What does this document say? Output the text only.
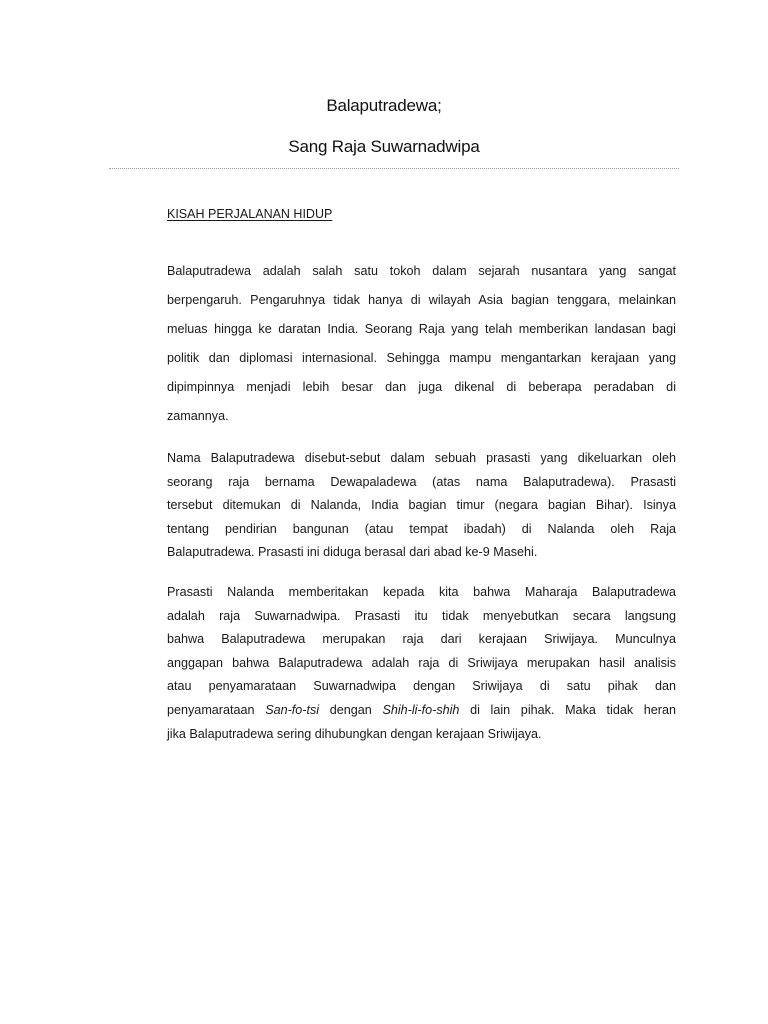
Balaputradewa;
Sang Raja Suwarnadwipa
KISAH PERJALANAN HIDUP

Balaputradewa adalah salah satu tokoh dalam sejarah nusantara yang sangat
berpengaruh. Pengaruhnya tidak hanya di wilayah Asia bagian tenggara, melainkan
meluas hingga ke daratan India. Seorang Raja yang telah memberikan landasan bagi
politik dan diplomasi internasional. Sehingga mampu mengantarkan kerajaan yang
dipimpinnya menjadi lebih besar dan juga dikenal di beberapa peradaban di
zamannya.

Nama Balaputradewa disebut-sebut dalam sebuah prasasti yang dikeluarkan oleh
seorang raja bernama Dewapaladewa (atas nama Balaputradewa). Prasasti
tersebut ditemukan di Nalanda, India bagian timur (negara bagian Bihar). Isinya
tentang pendirian bangunan (atau tempat ibadah) di Nalanda oleh Raja
Balaputradewa. Prasasti ini diduga berasal dari abad ke-9 Masehi.

Prasasti Nalanda memberitakan kepada kita bahwa Maharaja Balaputradewa
adalah raja Suwarnadwipa. Prasasti itu tidak menyebutkan secara langsung
bahwa Balaputradewa merupakan raja dari kerajaan Sriwijaya. Munculnya
anggapan bahwa Balaputradewa adalah raja di Sriwijaya merupakan hasil analisis
atau penyamarataan Suwarnadwipa dengan Sriwijaya di satu pihak dan
penyamarataan San-fo-tsi dengan Shih-li-fo-shih di lain pihak. Maka tidak heran
jika Balaputradewa sering dihubungkan dengan kerajaan Sriwijaya.
